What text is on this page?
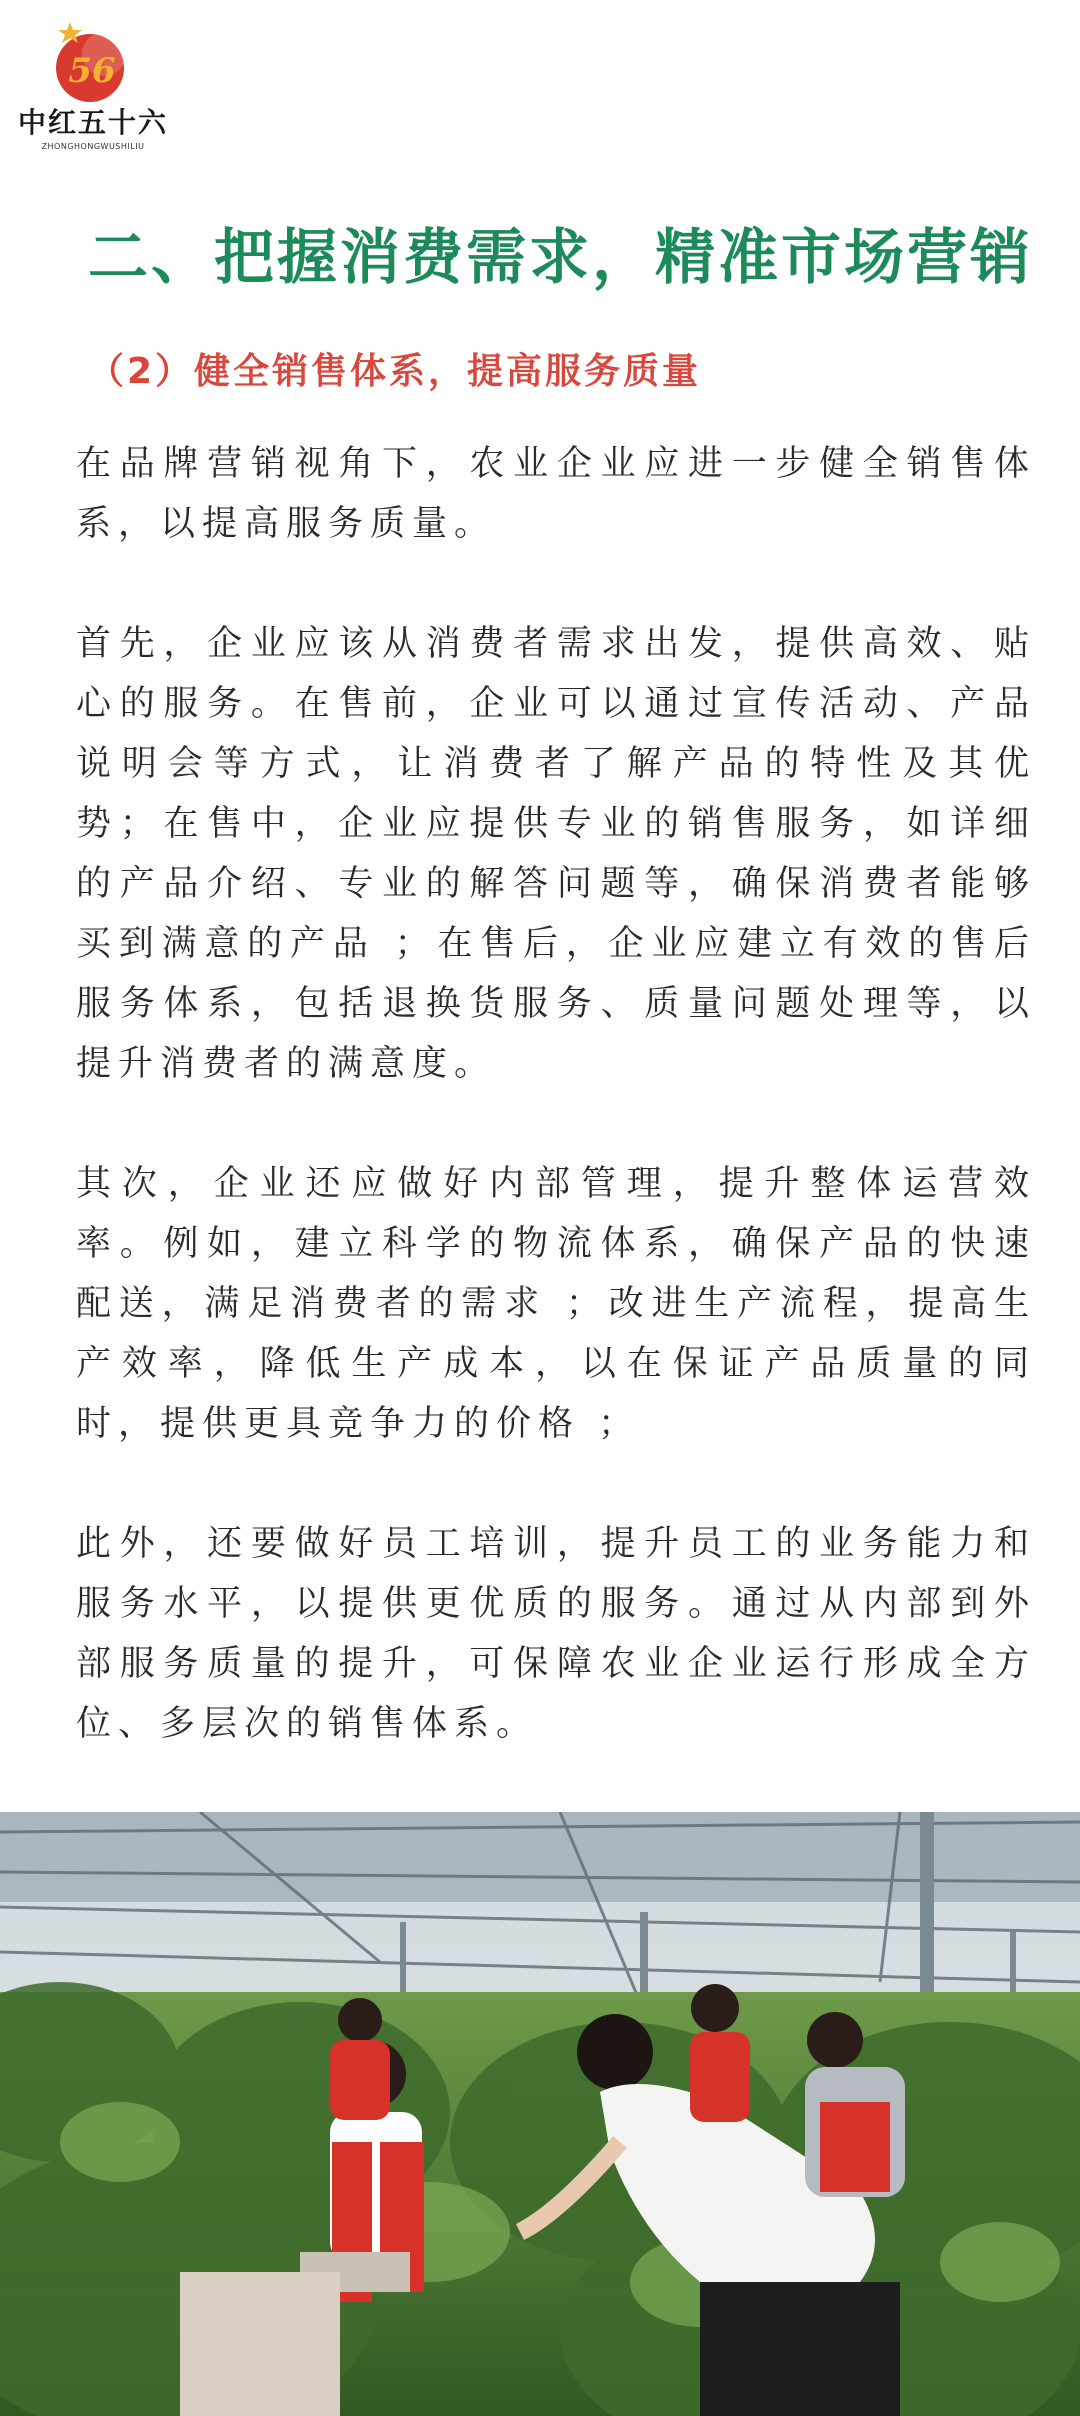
56
中红五十六
ZHONGHONGWUSHILIU
二、把握消费需求，精准市场营销
（2）健全销售体系，提高服务质量

在品牌营销视角下，农业企业应进一步健全销售体系，以提高服务质量。

首先，企业应该从消费者需求出发，提供高效、贴心的服务。在售前，企业可以通过宣传活动、产品说明会等方式，让消费者了解产品的特性及其优势；在售中，企业应提供专业的销售服务，如详细的产品介绍、专业的解答问题等，确保消费者能够买到满意的产品 ；在售后，企业应建立有效的售后服务体系，包括退换货服务、质量问题处理等，以提升消费者的满意度。

其次，企业还应做好内部管理，提升整体运营效率。例如，建立科学的物流体系，确保产品的快速配送，满足消费者的需求 ；改进生产流程，提高生产效率，降低生产成本，以在保证产品质量的同时，提供更具竞争力的价格 ；

此外，还要做好员工培训，提升员工的业务能力和服务水平，以提供更优质的服务。通过从内部到外部服务质量的提升，可保障农业企业运行形成全方位、多层次的销售体系。
